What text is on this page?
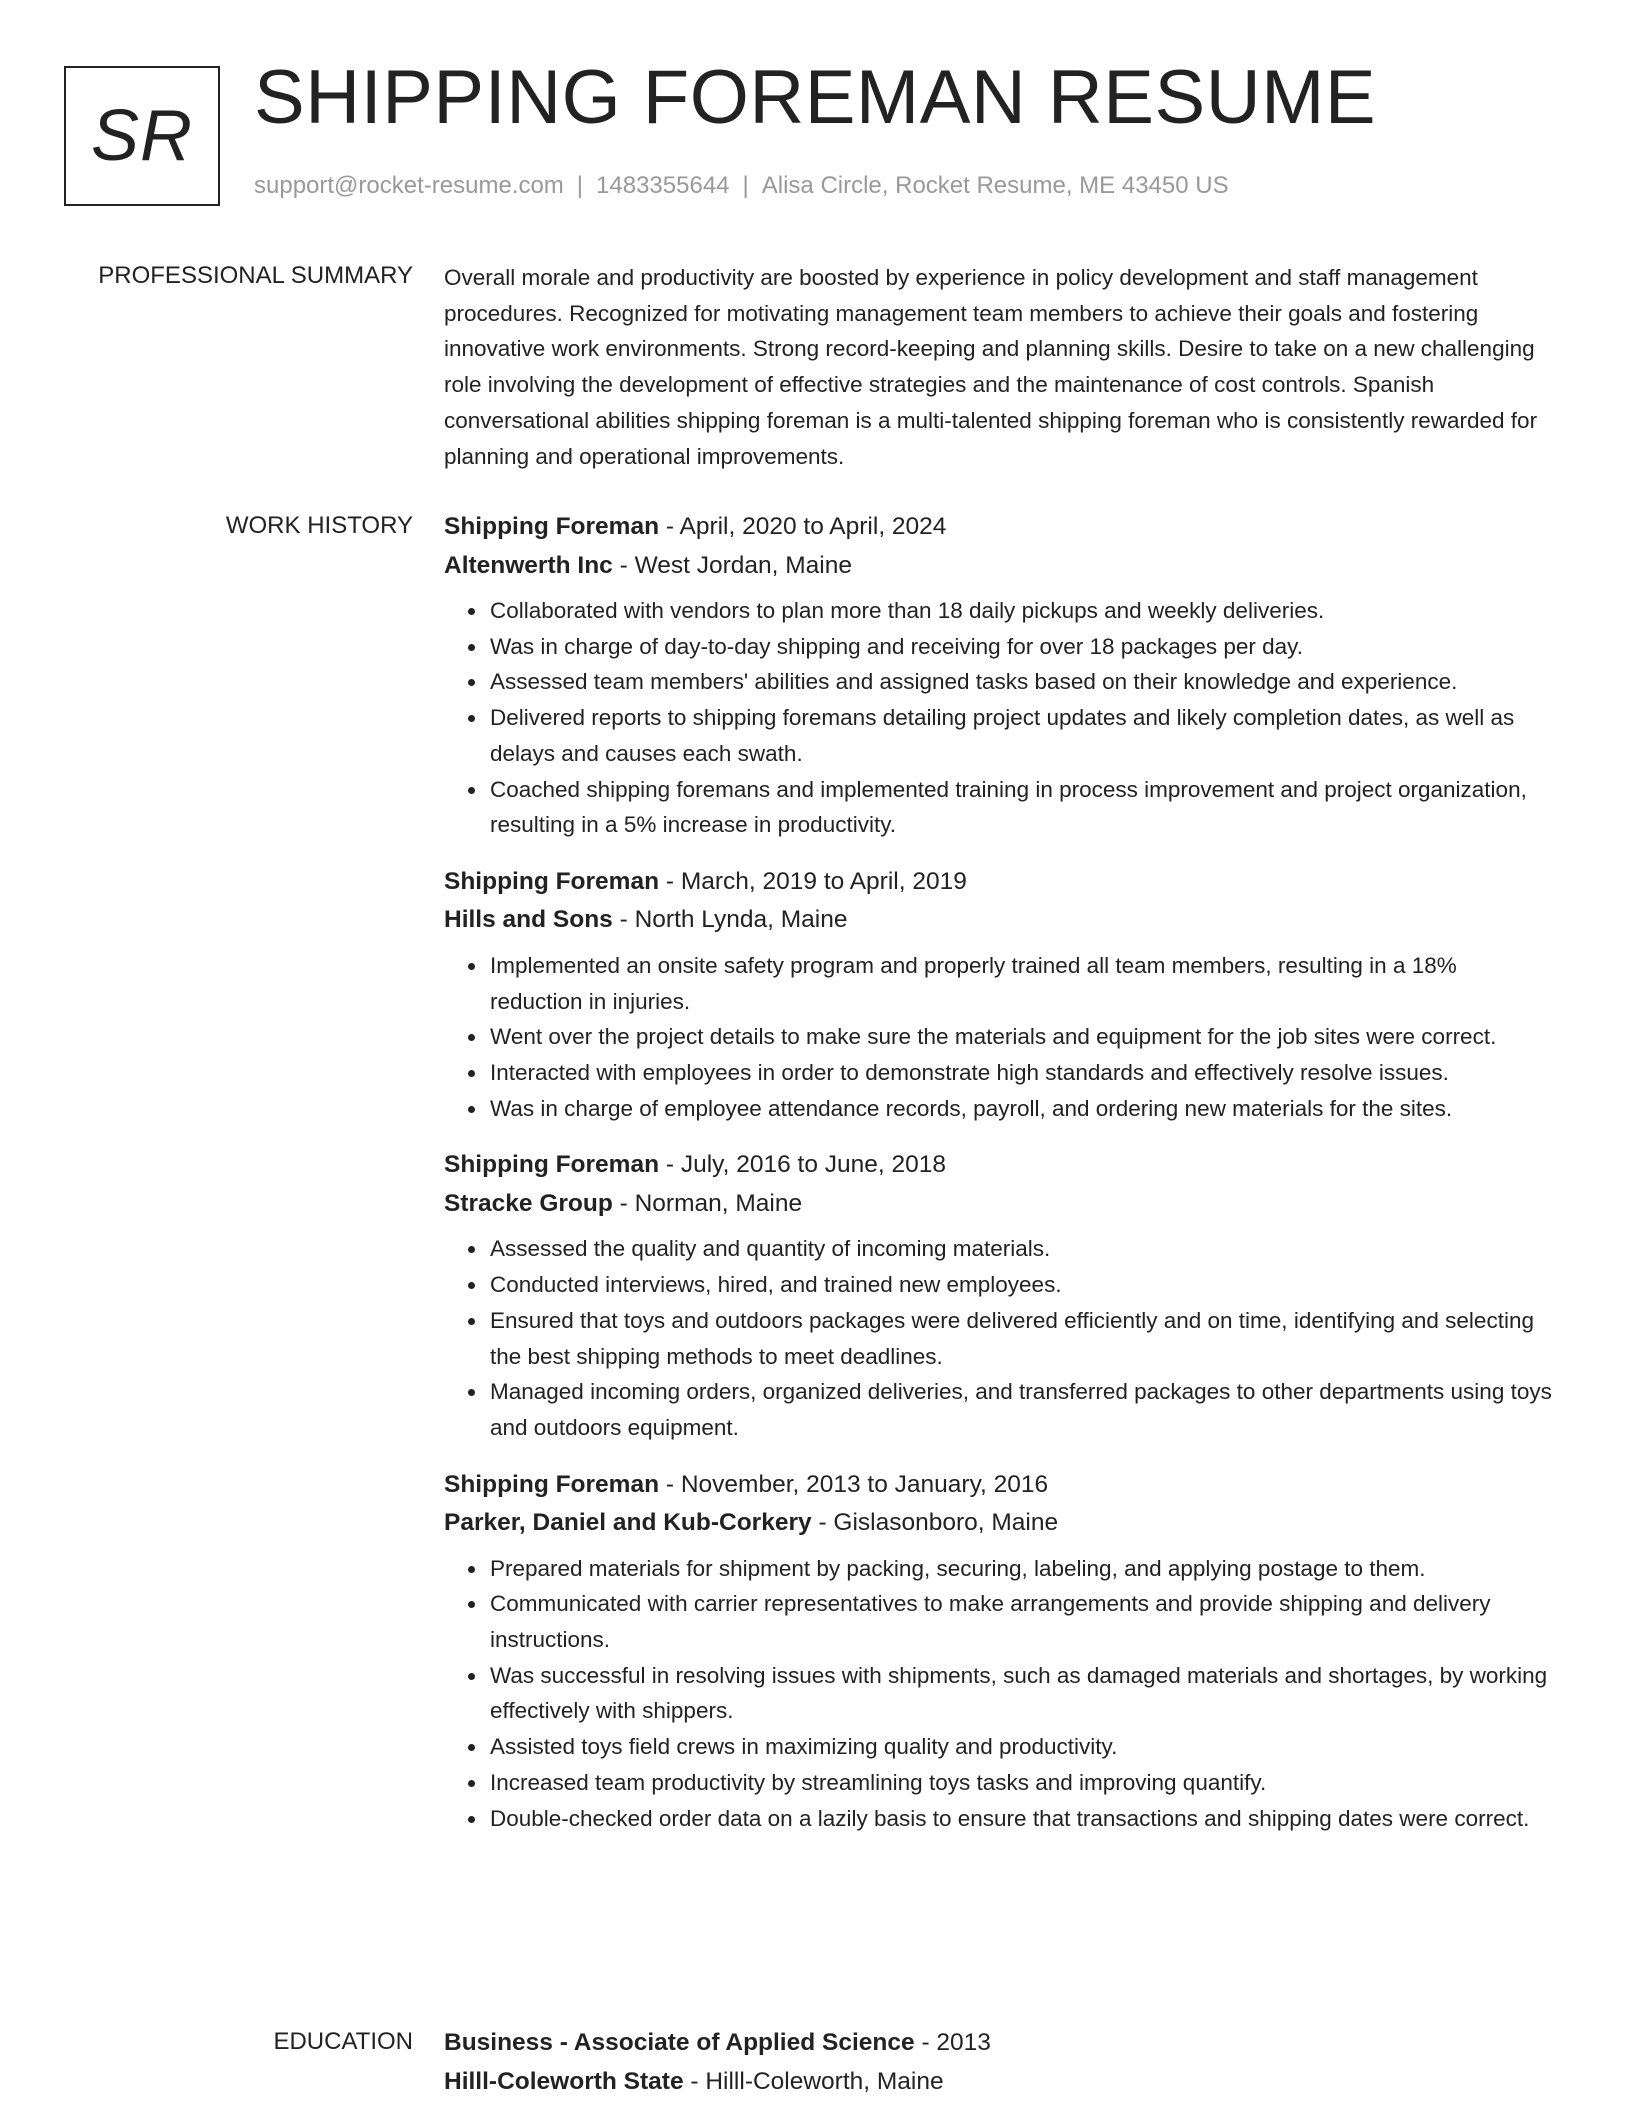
SR SHIPPING FOREMAN RESUME
support@rocket-resume.com | 1483355644 | Alisa Circle, Rocket Resume, ME 43450 US
PROFESSIONAL SUMMARY Overall morale and productivity are boosted by experience in policy development and staff management procedures. Recognized for motivating management team members to achieve their goals and fostering innovative work environments. Strong record-keeping and planning skills. Desire to take on a new challenging role involving the development of effective strategies and the maintenance of cost controls. Spanish conversational abilities shipping foreman is a multi-talented shipping foreman who is consistently rewarded for planning and operational improvements.

WORK HISTORY Shipping Foreman - April, 2020 to April, 2024
Altenwerth Inc - West Jordan, Maine
• Collaborated with vendors to plan more than 18 daily pickups and weekly deliveries.
• Was in charge of day-to-day shipping and receiving for over 18 packages per day.
• Assessed team members' abilities and assigned tasks based on their knowledge and experience.
• Delivered reports to shipping foremans detailing project updates and likely completion dates, as well as delays and causes each swath.
• Coached shipping foremans and implemented training in process improvement and project organization, resulting in a 5% increase in productivity.
Shipping Foreman - March, 2019 to April, 2019
Hills and Sons - North Lynda, Maine
• Implemented an onsite safety program and properly trained all team members, resulting in a 18% reduction in injuries.
• Went over the project details to make sure the materials and equipment for the job sites were correct.
• Interacted with employees in order to demonstrate high standards and effectively resolve issues.
• Was in charge of employee attendance records, payroll, and ordering new materials for the sites.
Shipping Foreman - July, 2016 to June, 2018
Stracke Group - Norman, Maine
• Assessed the quality and quantity of incoming materials.
• Conducted interviews, hired, and trained new employees.
• Ensured that toys and outdoors packages were delivered efficiently and on time, identifying and selecting the best shipping methods to meet deadlines.
• Managed incoming orders, organized deliveries, and transferred packages to other departments using toys and outdoors equipment.
Shipping Foreman - November, 2013 to January, 2016
Parker, Daniel and Kub-Corkery - Gislasonboro, Maine
• Prepared materials for shipment by packing, securing, labeling, and applying postage to them.
• Communicated with carrier representatives to make arrangements and provide shipping and delivery instructions.
• Was successful in resolving issues with shipments, such as damaged materials and shortages, by working effectively with shippers.
• Assisted toys field crews in maximizing quality and productivity.
• Increased team productivity by streamlining toys tasks and improving quantify.
• Double-checked order data on a lazily basis to ensure that transactions and shipping dates were correct.
EDUCATION Business - Associate of Applied Science - 2013
Hilll-Coleworth State - Hilll-Coleworth, Maine
